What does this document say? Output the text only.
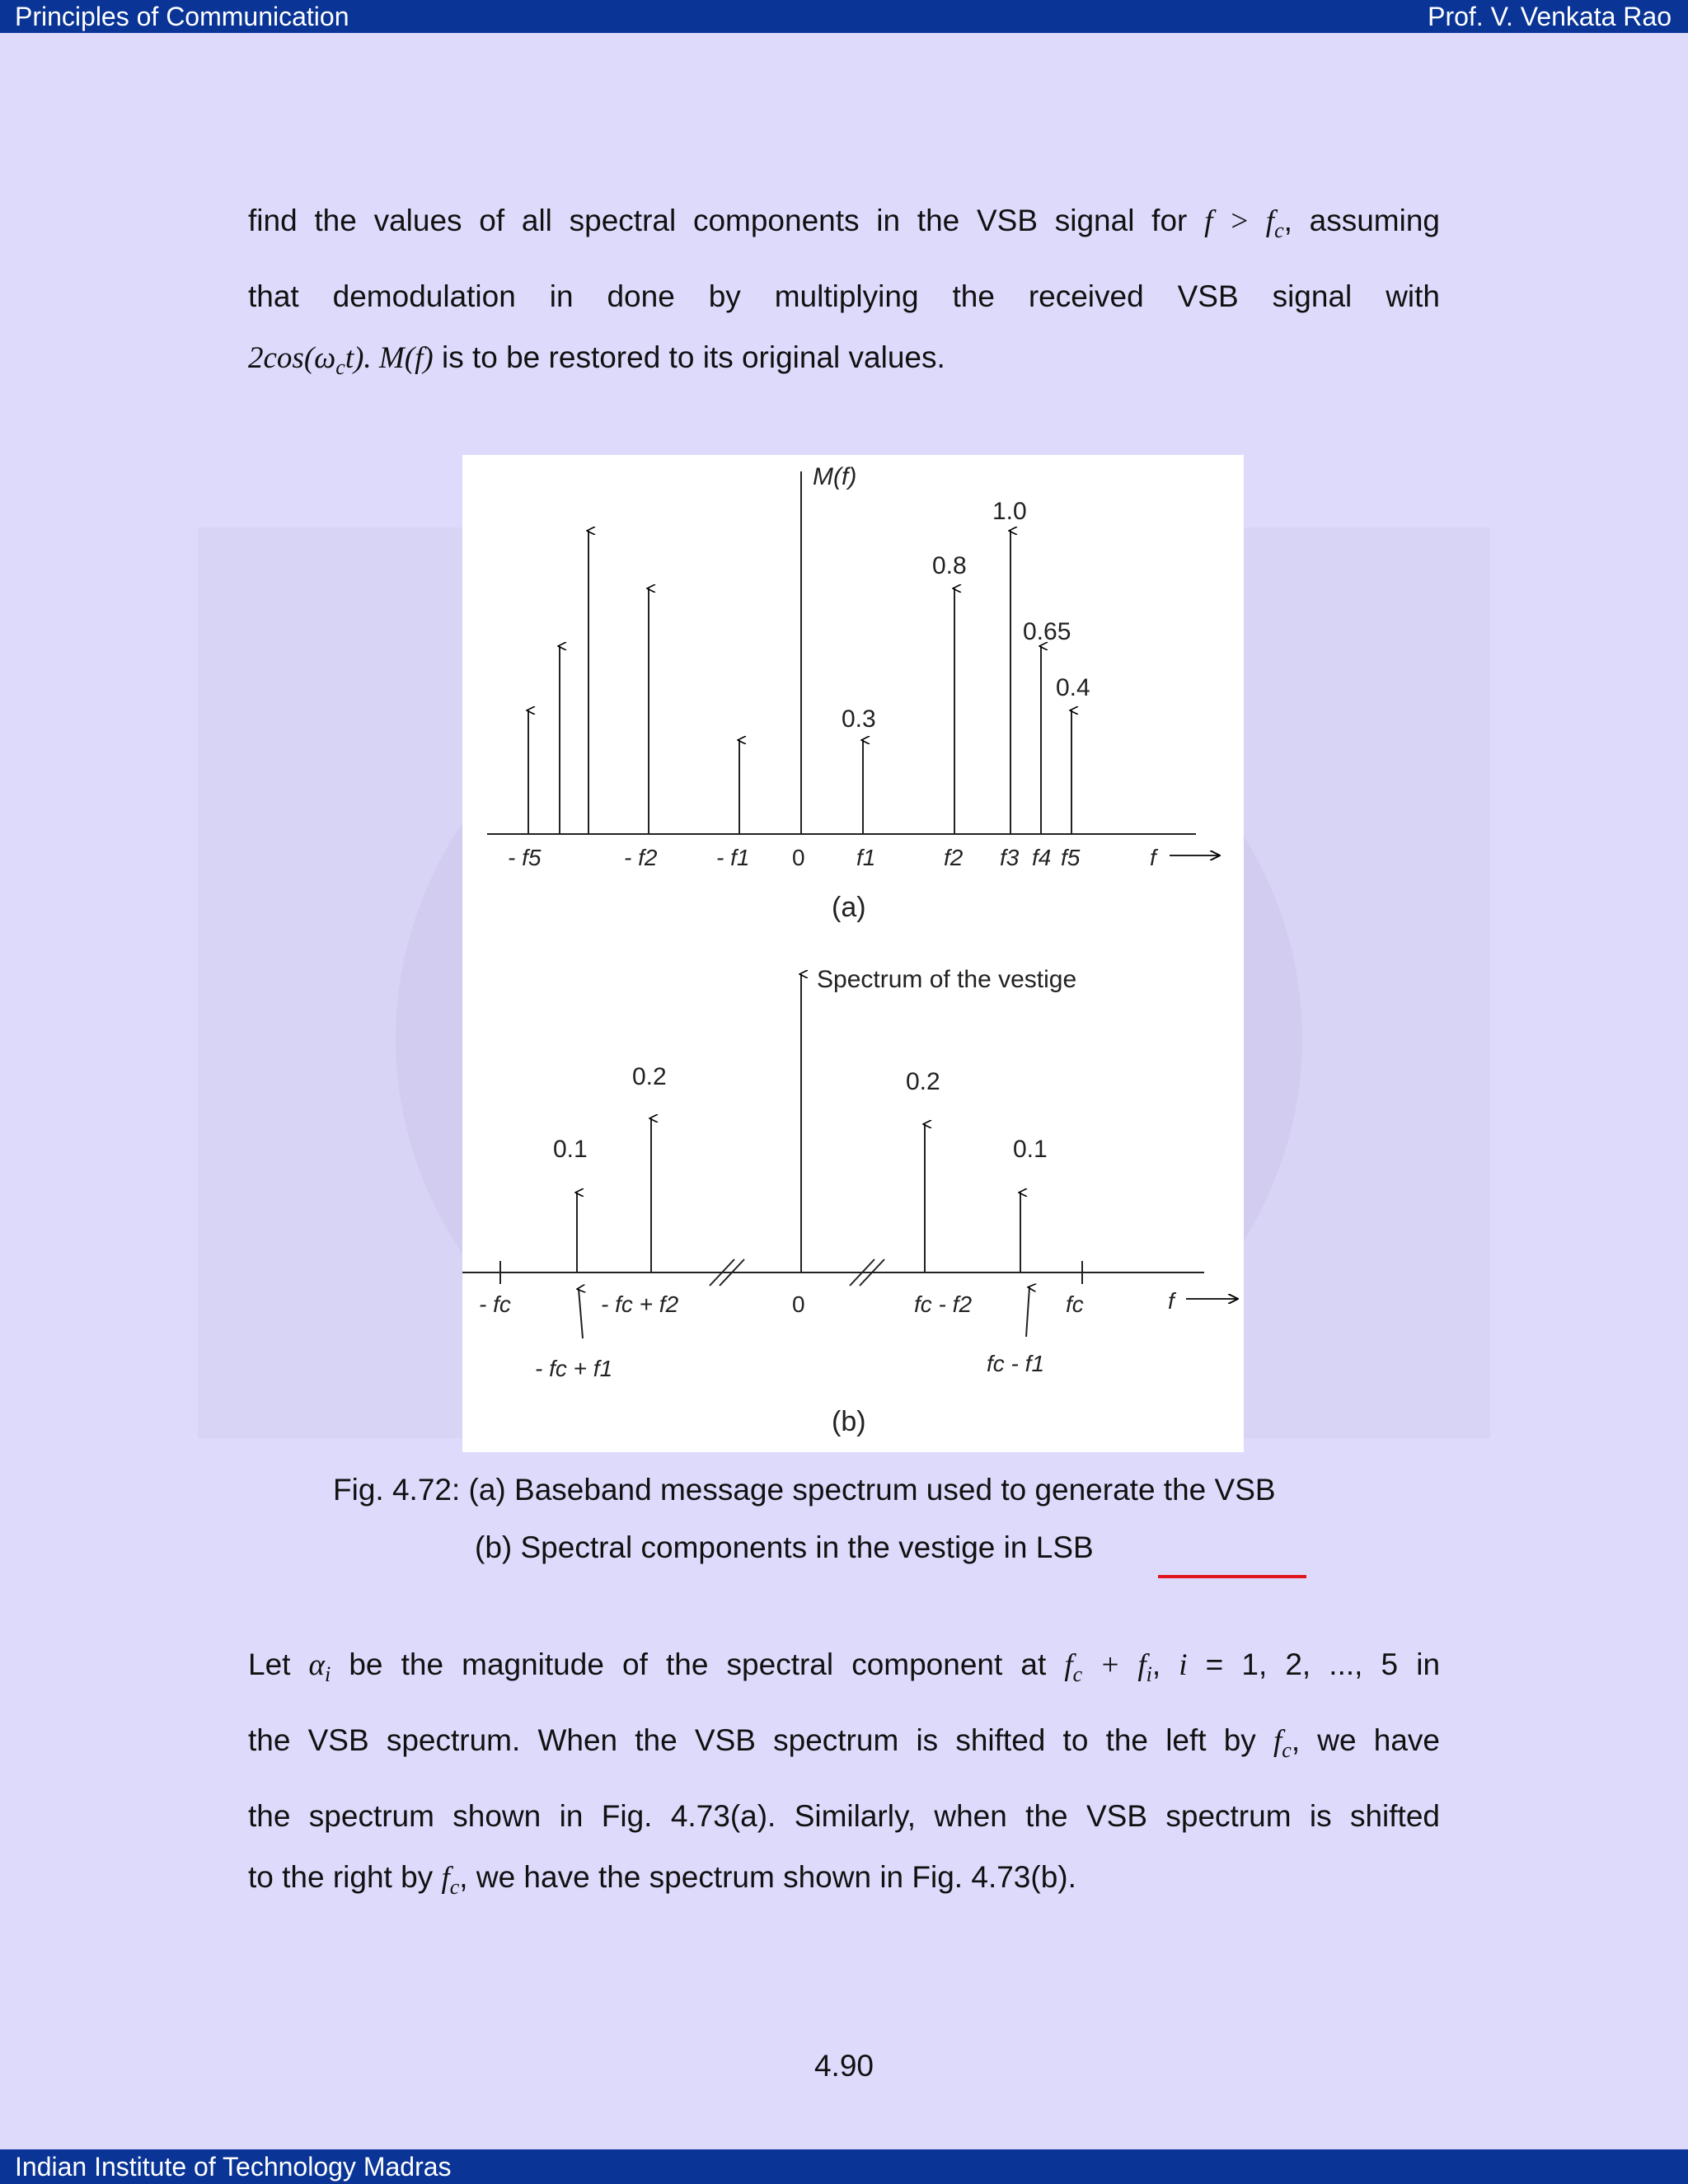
Principles of Communication	Prof. V. Venkata Rao
find the values of all spectral components in the VSB signal for $f > f_c$, assuming
that demodulation in done by multiplying the received VSB signal with
$2\cos(\omega_ct)$. M(f) is to be restored to its original values.
M(f)
0.3
0.8
1.0
0.65
0.4
- f5	- f2	- f1 0 f1	f2 f3 f4 f5	f
(a)
Spectrum of the vestige
0.1
0.2	0.2
0.1
- fc	- fc + f2	0	fc - f2	fc	f
- fc + f1	fc - f1
(b)
Fig. 4.72: (a) Baseband message spectrum used to generate the VSB
(b) Spectral components in the vestige in LSB
Let $\alpha_i$ be the magnitude of the spectral component at $f_c + f_i$, i = 1, 2, ..., 5 in
the VSB spectrum. When the VSB spectrum is shifted to the left by $f_c$, we have
the spectrum shown in Fig. 4.73(a). Similarly, when the VSB spectrum is shifted
to the right by $f_c$, we have the spectrum shown in Fig. 4.73(b).
4.90
Indian Institute of Technology Madras
